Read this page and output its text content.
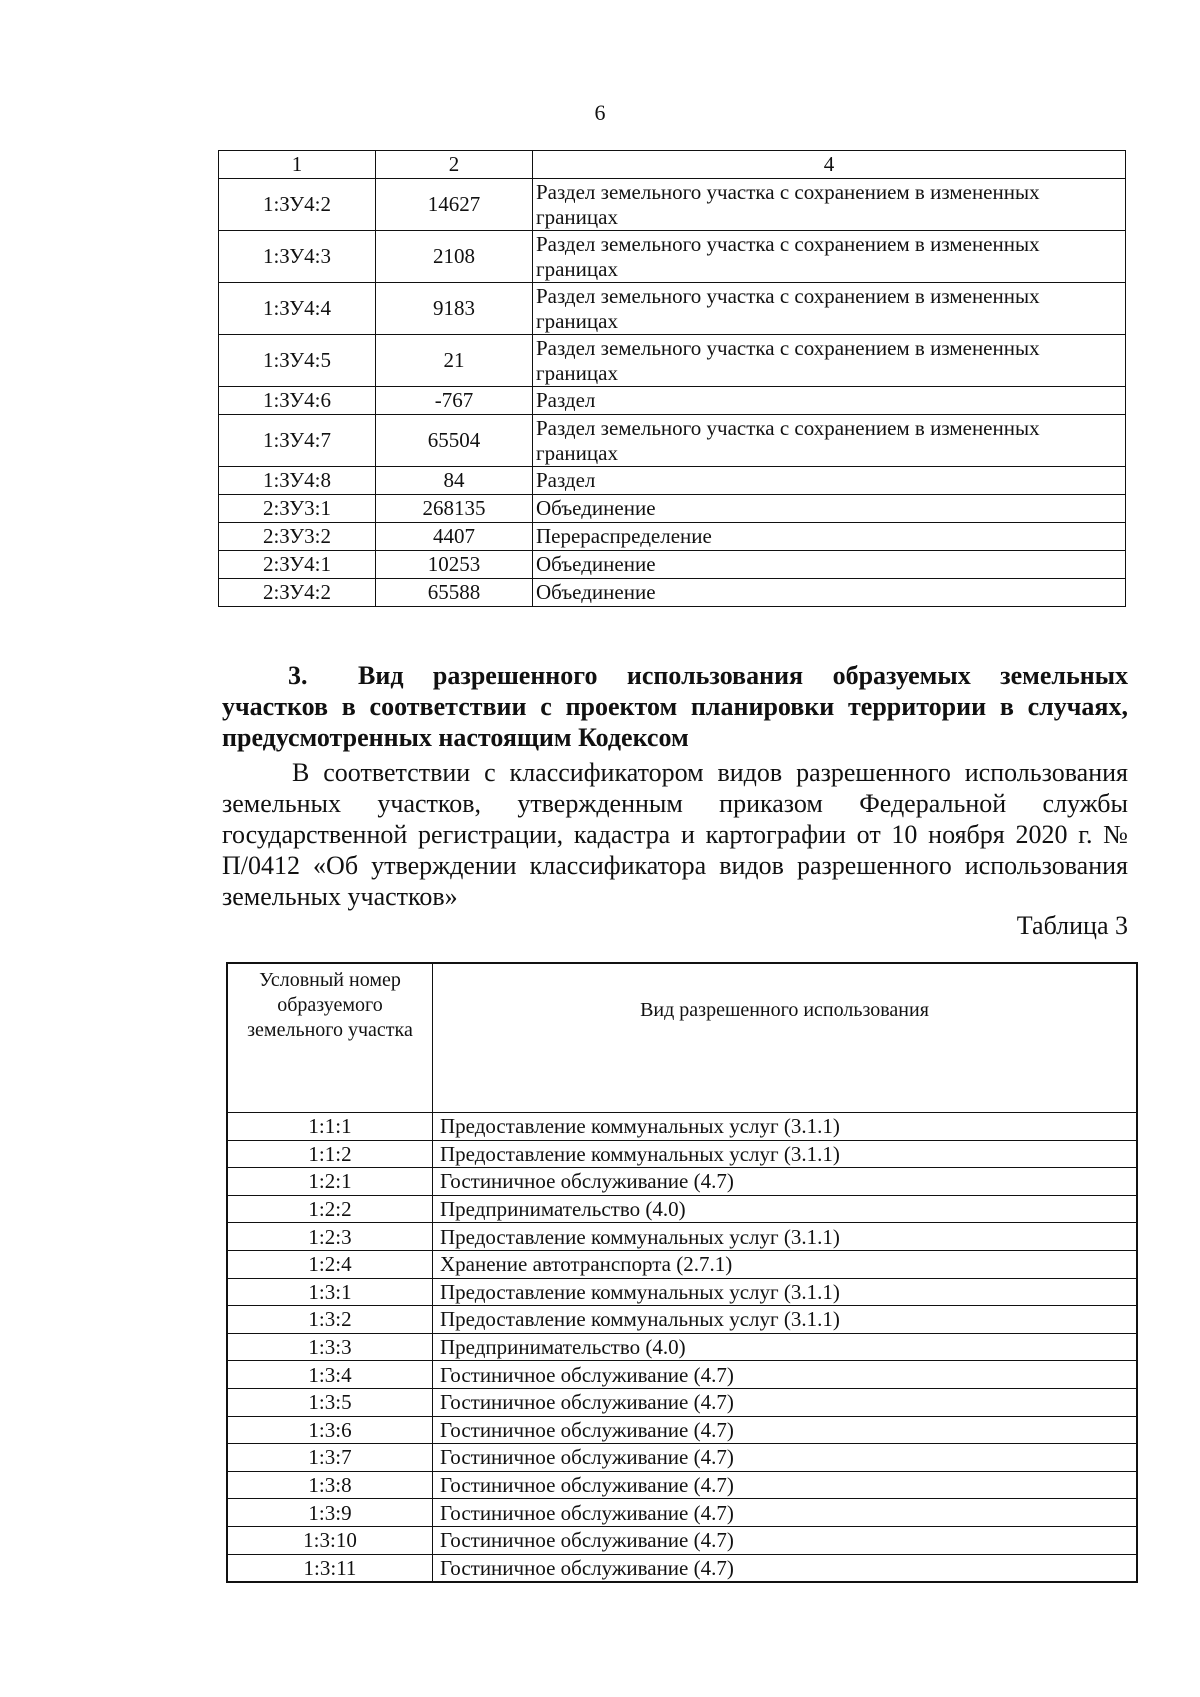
6
1	2	4
1:ЗУ4:2	14627	Раздел земельного участка с сохранением в измененных границах
1:ЗУ4:3	2108	Раздел земельного участка с сохранением в измененных границах
1:ЗУ4:4	9183	Раздел земельного участка с сохранением в измененных границах
1:ЗУ4:5	21	Раздел земельного участка с сохранением в измененных границах
1:ЗУ4:6	-767	Раздел
1:ЗУ4:7	65504	Раздел земельного участка с сохранением в измененных границах
1:ЗУ4:8	84	Раздел
2:ЗУ3:1	268135	Объединение
2:ЗУ3:2	4407	Перераспределение
2:ЗУ4:1	10253	Объединение
2:ЗУ4:2	65588	Объединение

3. Вид разрешенного использования образуемых земельных участков в соответствии с проектом планировки территории в случаях, предусмотренных настоящим Кодексом

В соответствии с классификатором видов разрешенного использования земельных участков, утвержденным приказом Федеральной службы государственной регистрации, кадастра и картографии от 10 ноября 2020 г. № П/0412 «Об утверждении классификатора видов разрешенного использования земельных участков»

Таблица 3
Условный номер образуемого земельного участка	Вид разрешенного использования
1:1:1	Предоставление коммунальных услуг (3.1.1)
1:1:2	Предоставление коммунальных услуг (3.1.1)
1:2:1	Гостиничное обслуживание (4.7)
1:2:2	Предпринимательство (4.0)
1:2:3	Предоставление коммунальных услуг (3.1.1)
1:2:4	Хранение автотранспорта (2.7.1)
1:3:1	Предоставление коммунальных услуг (3.1.1)
1:3:2	Предоставление коммунальных услуг (3.1.1)
1:3:3	Предпринимательство (4.0)
1:3:4	Гостиничное обслуживание (4.7)
1:3:5	Гостиничное обслуживание (4.7)
1:3:6	Гостиничное обслуживание (4.7)
1:3:7	Гостиничное обслуживание (4.7)
1:3:8	Гостиничное обслуживание (4.7)
1:3:9	Гостиничное обслуживание (4.7)
1:3:10	Гостиничное обслуживание (4.7)
1:3:11	Гостиничное обслуживание (4.7)
